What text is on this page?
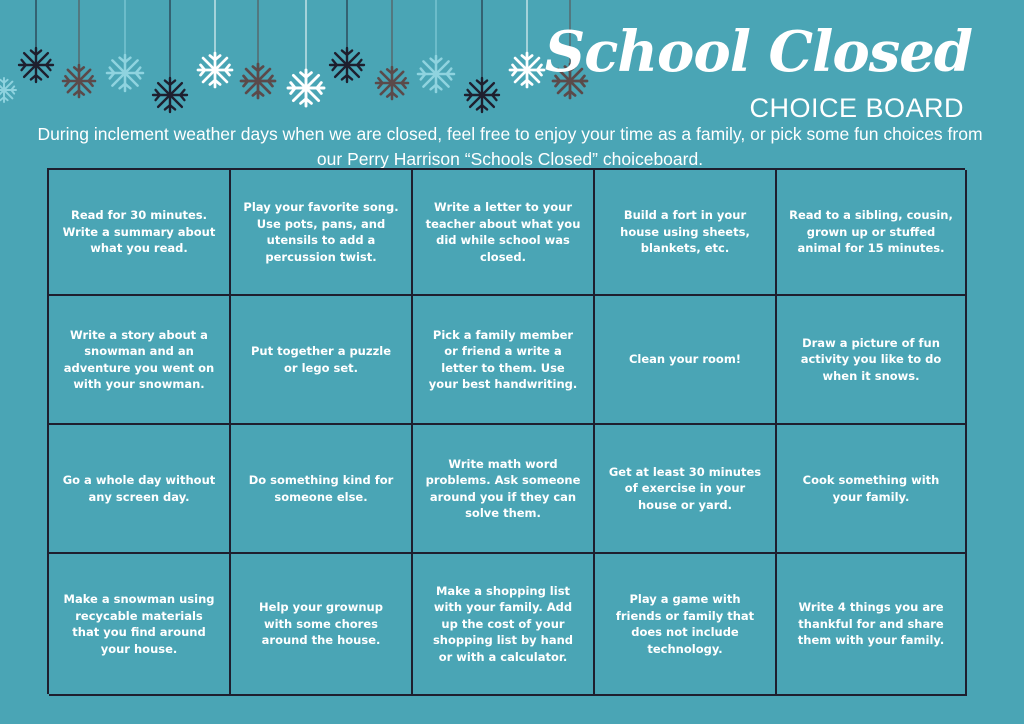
School Closed
CHOICE BOARD
During inclement weather days when we are closed, feel free to enjoy your time as a family, or pick some fun choices from our Perry Harrison “Schools Closed” choiceboard.
Read for 30 minutes. Write a summary about what you read.
Play your favorite song. Use pots, pans, and utensils to add a percussion twist.
Write a letter to your teacher about what you did while school was closed.
Build a fort in your house using sheets, blankets, etc.
Read to a sibling, cousin, grown up or stuffed animal for 15 minutes.
Write a story about a snowman and an adventure you went on with your snowman.
Put together a puzzle or lego set.
Pick a family member or friend a write a letter to them. Use your best handwriting.
Clean your room!
Draw a picture of fun activity you like to do when it snows.
Go a whole day without any screen day.
Do something kind for someone else.
Write math word problems. Ask someone around you if they can solve them.
Get at least 30 minutes of exercise in your house or yard.
Cook something with your family.
Make a snowman using recycable materials that you find around your house.
Help your grownup with some chores around the house.
Make a shopping list with your family. Add up the cost of your shopping list by hand or with a calculator.
Play a game with friends or family that does not include technology.
Write 4 things you are thankful for and share them with your family.
